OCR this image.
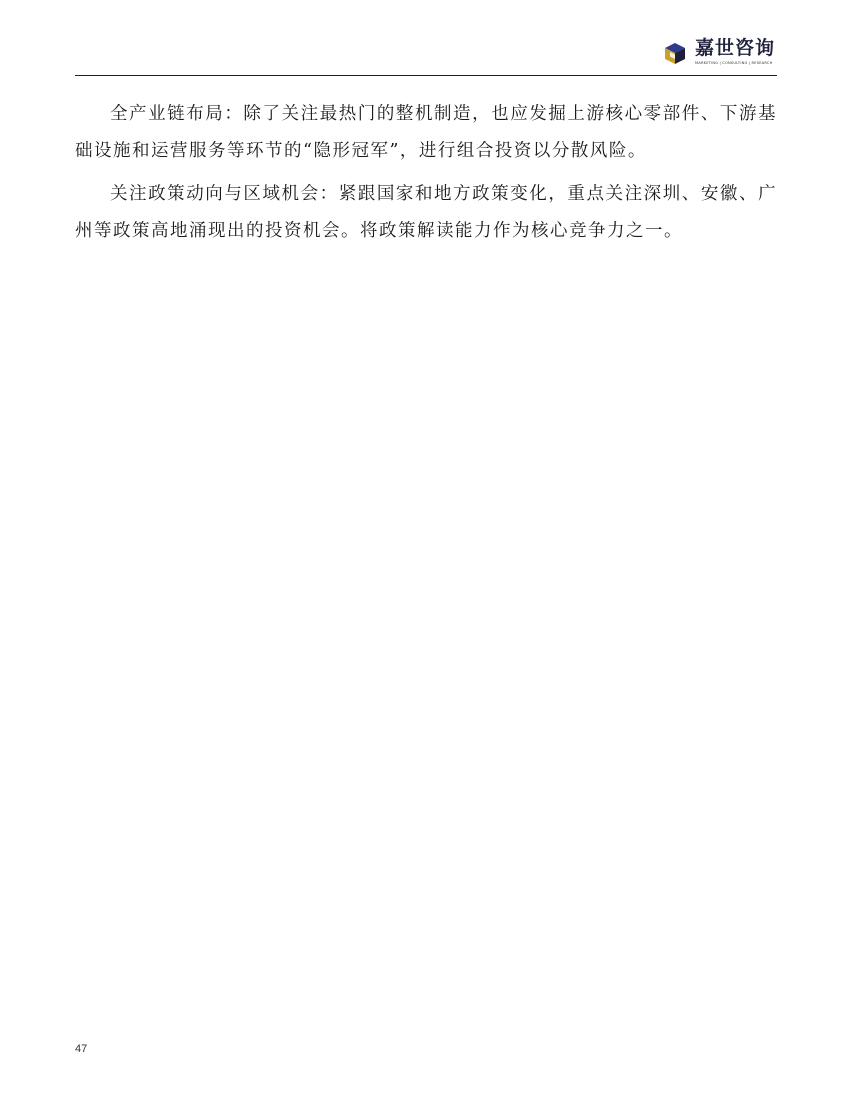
嘉世咨询
MARKETING | CONSULTING | RESEARCH

全产业链布局：除了关注最热门的整机制造，也应发掘上游核心零部件、下游基础设施和运营服务等环节的“隐形冠军”，进行组合投资以分散风险。

关注政策动向与区域机会：紧跟国家和地方政策变化，重点关注深圳、安徽、广州等政策高地涌现出的投资机会。将政策解读能力作为核心竞争力之一。

47
